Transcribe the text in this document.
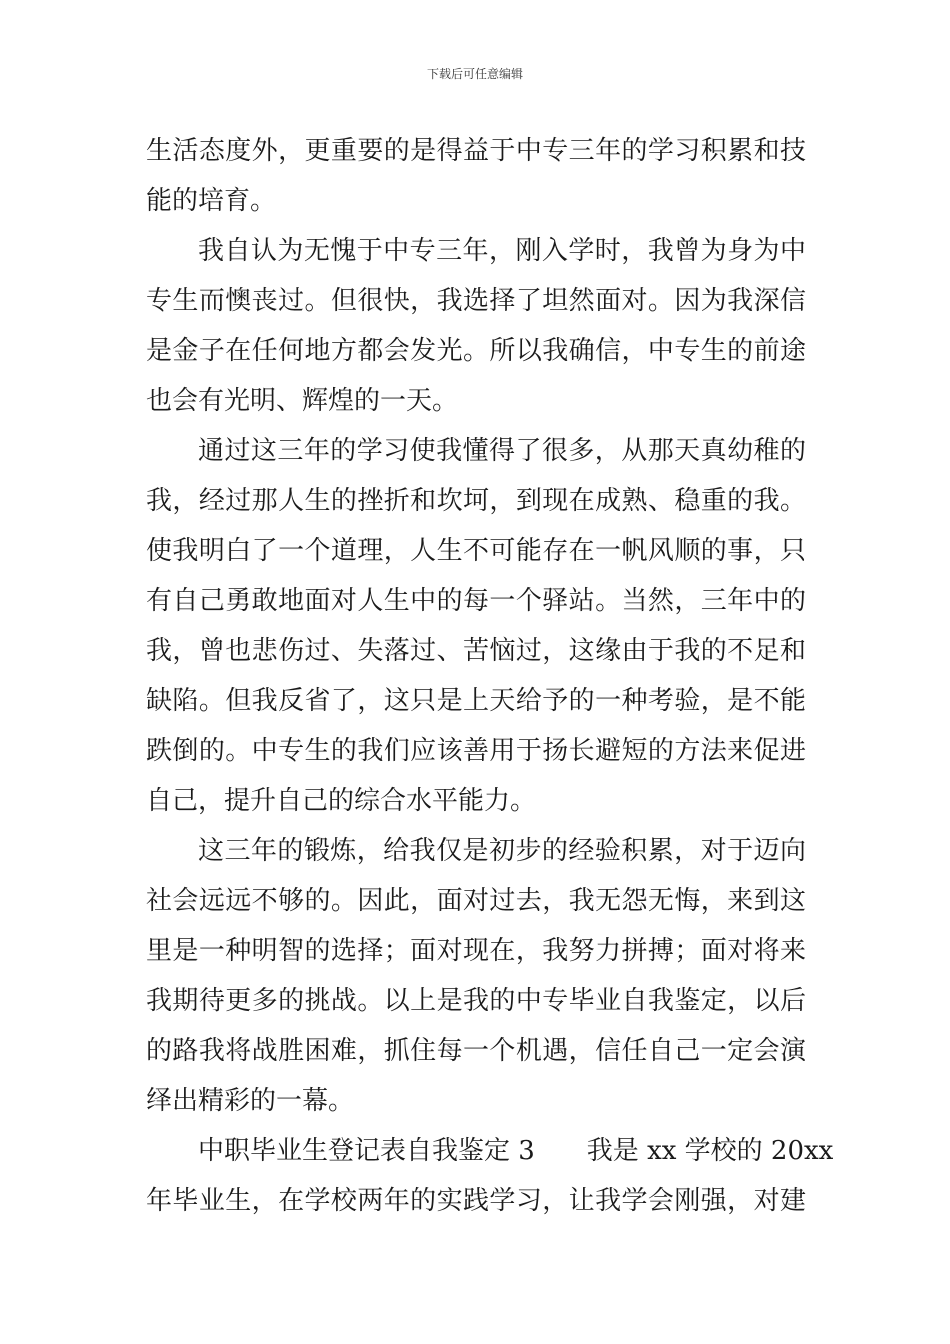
下载后可任意编辑
生活态度外，更重要的是得益于中专三年的学习积累和技
能的培育。
我自认为无愧于中专三年，刚入学时，我曾为身为中
专生而懊丧过。但很快，我选择了坦然面对。因为我深信
是金子在任何地方都会发光。所以我确信，中专生的前途
也会有光明、辉煌的一天。
通过这三年的学习使我懂得了很多，从那天真幼稚的
我，经过那人生的挫折和坎坷，到现在成熟、稳重的我。
使我明白了一个道理，人生不可能存在一帆风顺的事，只
有自己勇敢地面对人生中的每一个驿站。当然，三年中的
我，曾也悲伤过、失落过、苦恼过，这缘由于我的不足和
缺陷。但我反省了，这只是上天给予的一种考验，是不能
跌倒的。中专生的我们应该善用于扬长避短的方法来促进
自己，提升自己的综合水平能力。
这三年的锻炼，给我仅是初步的经验积累，对于迈向
社会远远不够的。因此，面对过去，我无怨无悔，来到这
里是一种明智的选择；面对现在，我努力拼搏；面对将来
我期待更多的挑战。以上是我的中专毕业自我鉴定，以后
的路我将战胜困难，抓住每一个机遇，信任自己一定会演
绎出精彩的一幕。
中职毕业生登记表自我鉴定 3　　我是 xx 学校的 20xx
年毕业生，在学校两年的实践学习，让我学会刚强，对建
